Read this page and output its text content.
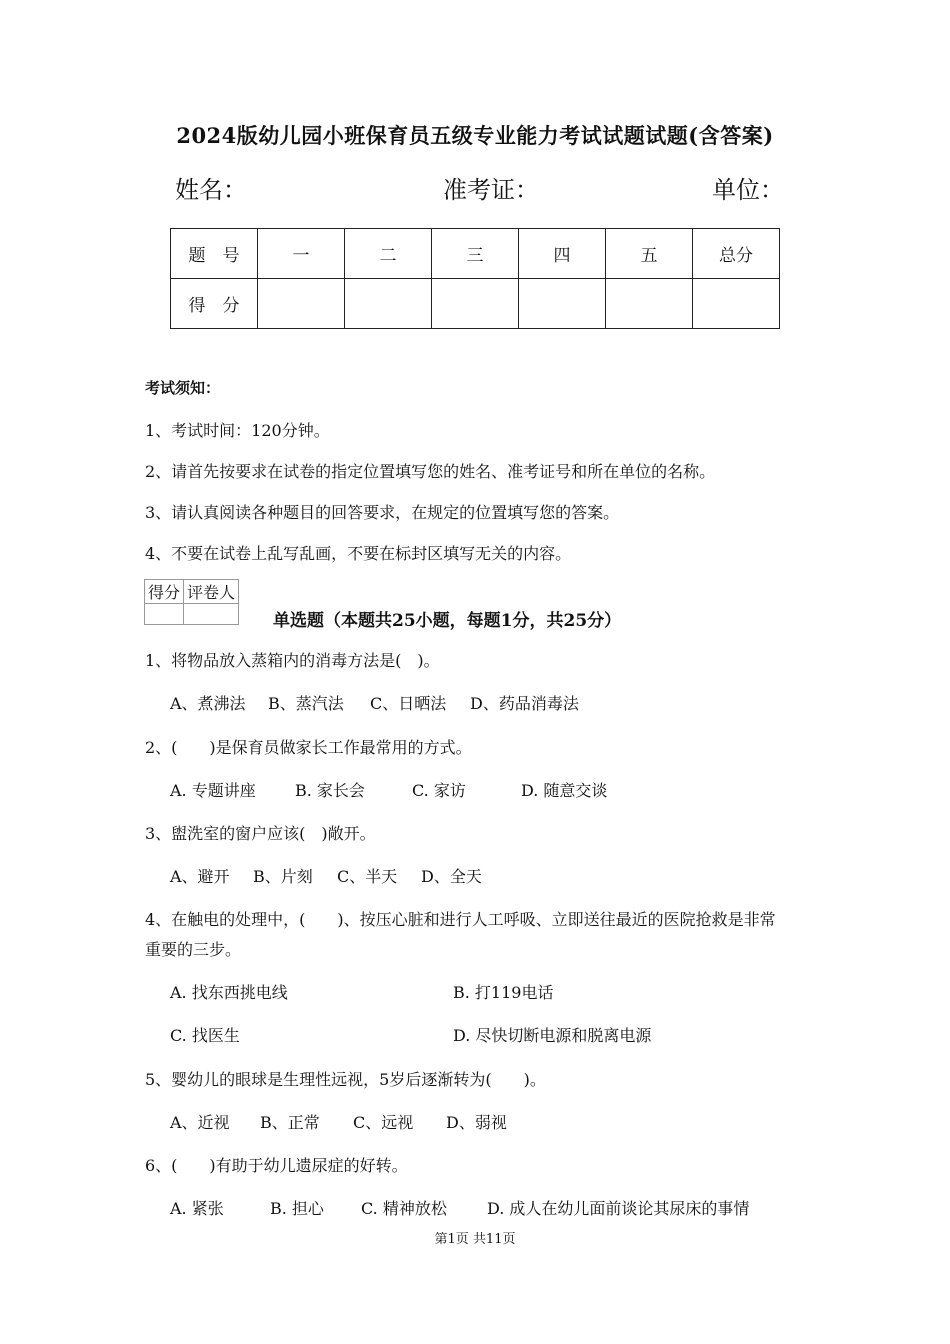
2024版幼儿园小班保育员五级专业能力考试试题试题(含答案)
姓名：	准考证：	单位：
题　号	一	二	三	四	五	总分
得　分						
考试须知：
1、考试时间：120分钟。
2、请首先按要求在试卷的指定位置填写您的姓名、准考证号和所在单位的名称。
3、请认真阅读各种题目的回答要求，在规定的位置填写您的答案。
4、不要在试卷上乱写乱画，不要在标封区填写无关的内容。
得分	评卷人

单选题（本题共25小题，每题1分，共25分）
1、将物品放入蒸箱内的消毒方法是(　)。
A、煮沸法 B、蒸汽法 C、日晒法 D、药品消毒法
2、(　　)是保育员做家长工作最常用的方式。
A. 专题讲座 B. 家长会	C. 家访	D. 随意交谈
3、盥洗室的窗户应该(　)敞开。
A、避开 B、片刻 C、半天 D、全天
4、在触电的处理中，(　　)、按压心脏和进行人工呼吸、立即送往最近的医院抢救是非常
重要的三步。
A. 找东西挑电线	B. 打119电话
C. 找医生	D. 尽快切断电源和脱离电源
5、婴幼儿的眼球是生理性远视，5岁后逐渐转为(　　)。
A、近视 B、正常 C、远视 D、弱视
6、(　　)有助于幼儿遗尿症的好转。
A. 紧张	B. 担心 C. 精神放松	D. 成人在幼儿面前谈论其尿床的事情
第1页 共11页
